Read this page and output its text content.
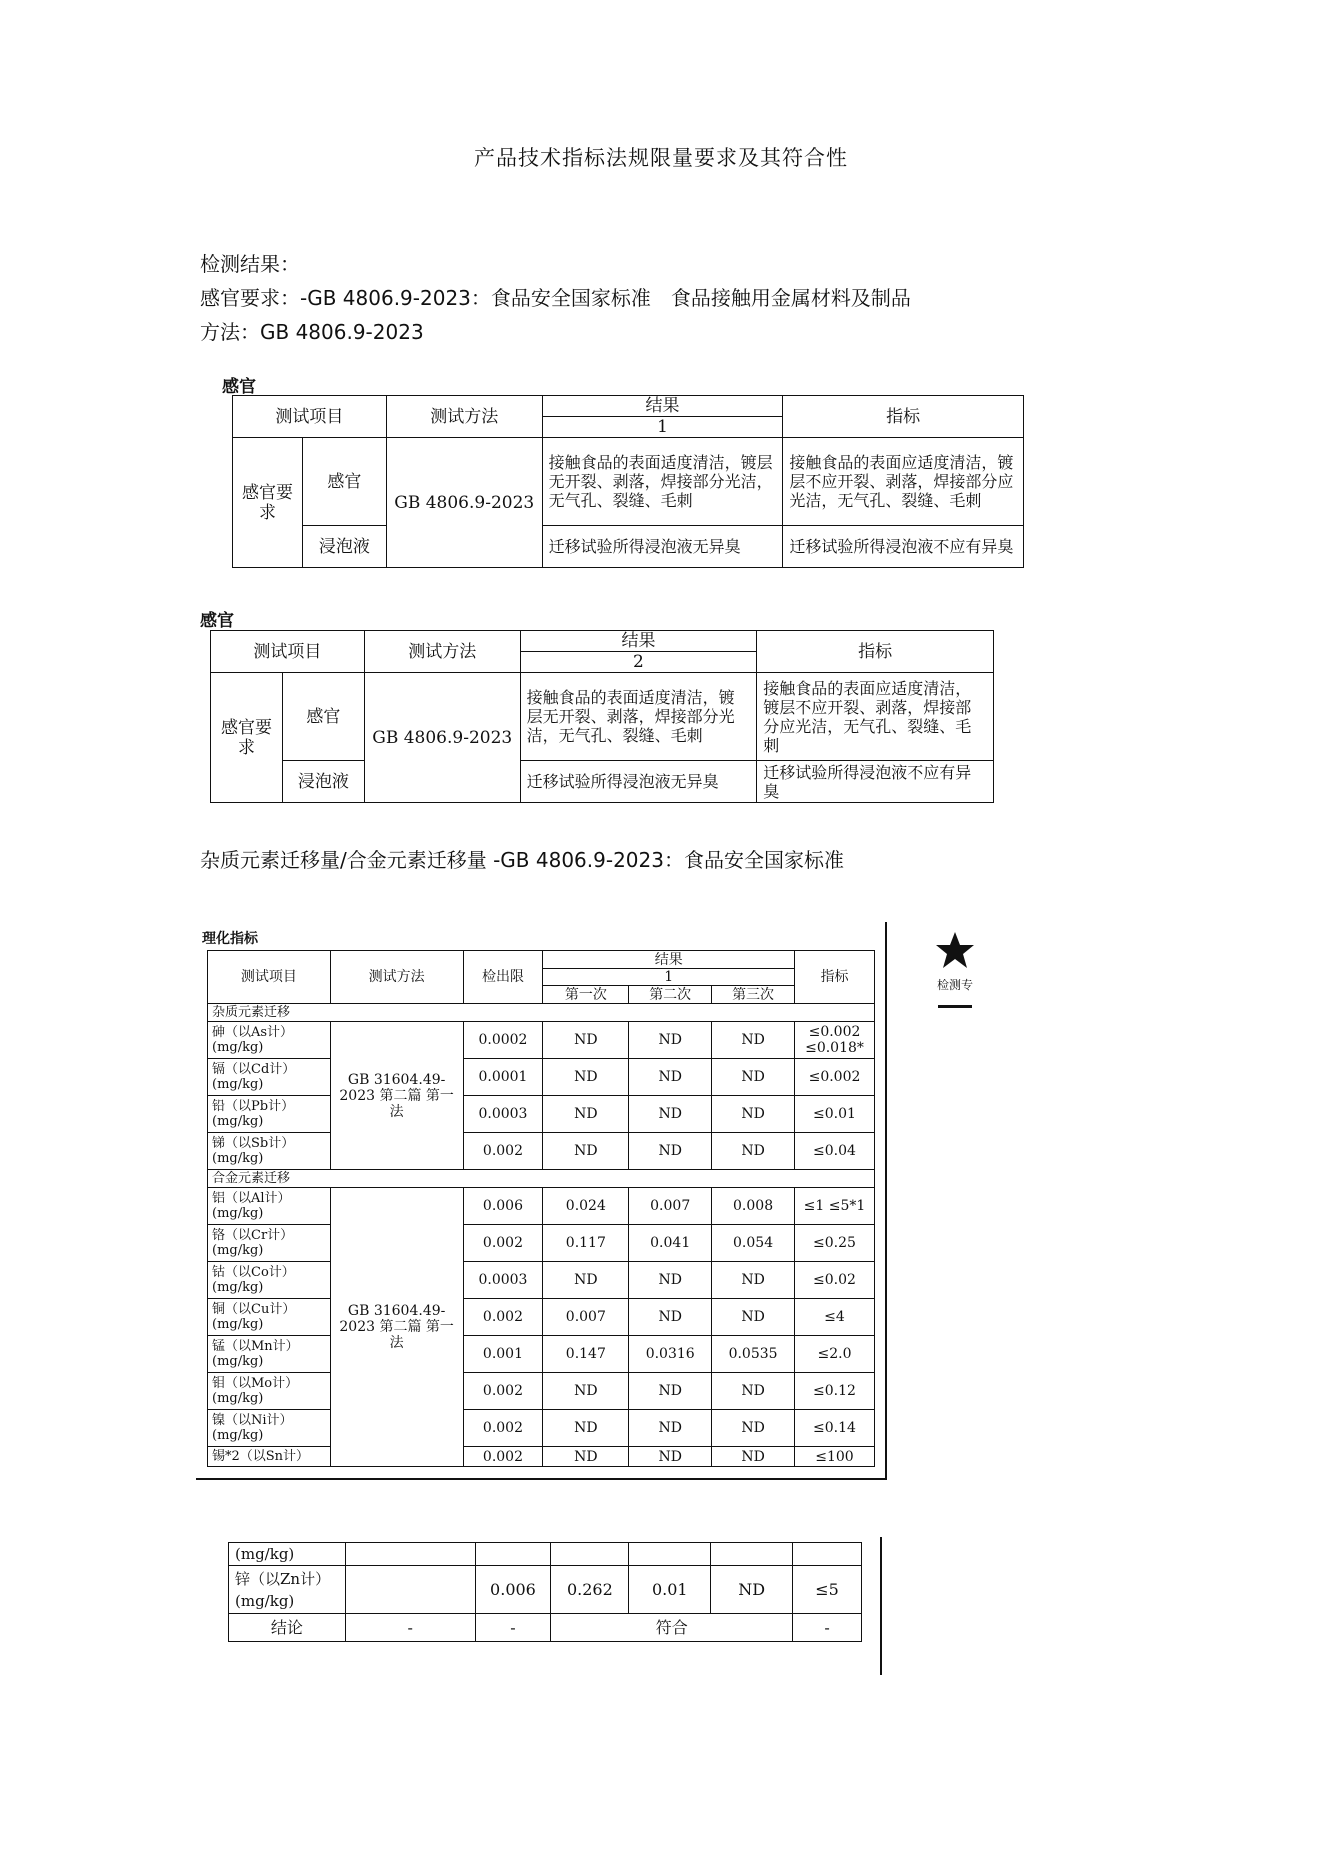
产品技术指标法规限量要求及其符合性
检测结果：
感官要求：-GB 4806.9-2023：食品安全国家标准　食品接触用金属材料及制品
方法：GB 4806.9-2023
感官
测试项目		测试方法	结果	指标
			1	
感官要求	感官	GB 4806.9-2023	接触食品的表面适度清洁，镀层无开裂、剥落，焊接部分光洁，无气孔、裂缝、毛刺	接触食品的表面应适度清洁，镀层不应开裂、剥落，焊接部分应光洁，无气孔、裂缝、毛刺
	浸泡液		迁移试验所得浸泡液无异臭	迁移试验所得浸泡液不应有异臭
感官
测试项目		测试方法	结果	指标
			2	
感官要求	感官	GB 4806.9-2023	接触食品的表面适度清洁，镀层无开裂、剥落，焊接部分光洁，无气孔、裂缝、毛刺	接触食品的表面应适度清洁，镀层不应开裂、剥落，焊接部分应光洁，无气孔、裂缝、毛刺
	浸泡液		迁移试验所得浸泡液无异臭	迁移试验所得浸泡液不应有异臭
杂质元素迁移量/合金元素迁移量 -GB 4806.9-2023：食品安全国家标准
理化指标
测试项目	测试方法	检出限	结果			指标
			1			
			第一次	第二次	第三次	
杂质元素迁移						
砷（以As计）(mg/kg)	GB 31604.49-2023 第二篇 第一法	0.0002	ND	ND	ND	≤0.002 ≤0.018*
镉（以Cd计）(mg/kg)		0.0001	ND	ND	ND	≤0.002
铅（以Pb计）(mg/kg)		0.0003	ND	ND	ND	≤0.01
锑（以Sb计）(mg/kg)		0.002	ND	ND	ND	≤0.04
合金元素迁移						
铝（以Al计）(mg/kg)	GB 31604.49-2023 第二篇 第一法	0.006	0.024	0.007	0.008	≤1 ≤5*1
铬（以Cr计）(mg/kg)		0.002	0.117	0.041	0.054	≤0.25
钴（以Co计）(mg/kg)		0.0003	ND	ND	ND	≤0.02
铜（以Cu计）(mg/kg)		0.002	0.007	ND	ND	≤4
锰（以Mn计）(mg/kg)		0.001	0.147	0.0316	0.0535	≤2.0
钼（以Mo计）(mg/kg)		0.002	ND	ND	ND	≤0.12
镍（以Ni计）(mg/kg)		0.002	ND	ND	ND	≤0.14
锡*2（以Sn计）		0.002	ND	ND	ND	≤100
检测专
(mg/kg)						
锌（以Zn计）(mg/kg)		0.006	0.262	0.01	ND	≤5
结论	-	-	符合			-
